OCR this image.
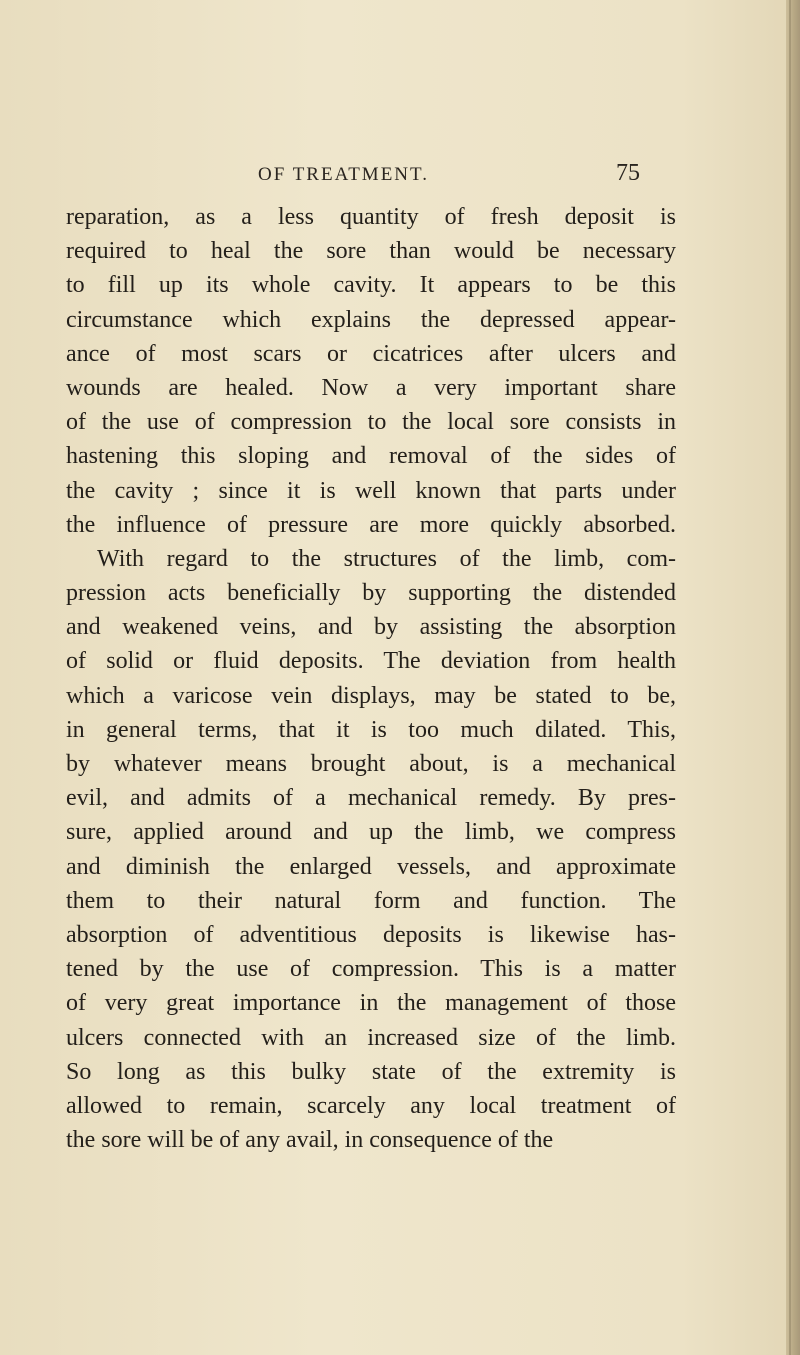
OF TREATMENT.	75
reparation, as a less quantity of fresh deposit is
required to heal the sore than would be necessary
to fill up its whole cavity. It appears to be this
circumstance which explains the depressed appear-
ance of most scars or cicatrices after ulcers and
wounds are healed. Now a very important share
of the use of compression to the local sore consists in
hastening this sloping and removal of the sides of
the cavity ; since it is well known that parts under
the influence of pressure are more quickly absorbed.
With regard to the structures of the limb, com-
pression acts beneficially by supporting the distended
and weakened veins, and by assisting the absorption
of solid or fluid deposits. The deviation from health
which a varicose vein displays, may be stated to be,
in general terms, that it is too much dilated. This,
by whatever means brought about, is a mechanical
evil, and admits of a mechanical remedy. By pres-
sure, applied around and up the limb, we compress
and diminish the enlarged vessels, and approximate
them to their natural form and function. The
absorption of adventitious deposits is likewise has-
tened by the use of compression. This is a matter
of very great importance in the management of those
ulcers connected with an increased size of the limb.
So long as this bulky state of the extremity is
allowed to remain, scarcely any local treatment of
the sore will be of any avail, in consequence of the
